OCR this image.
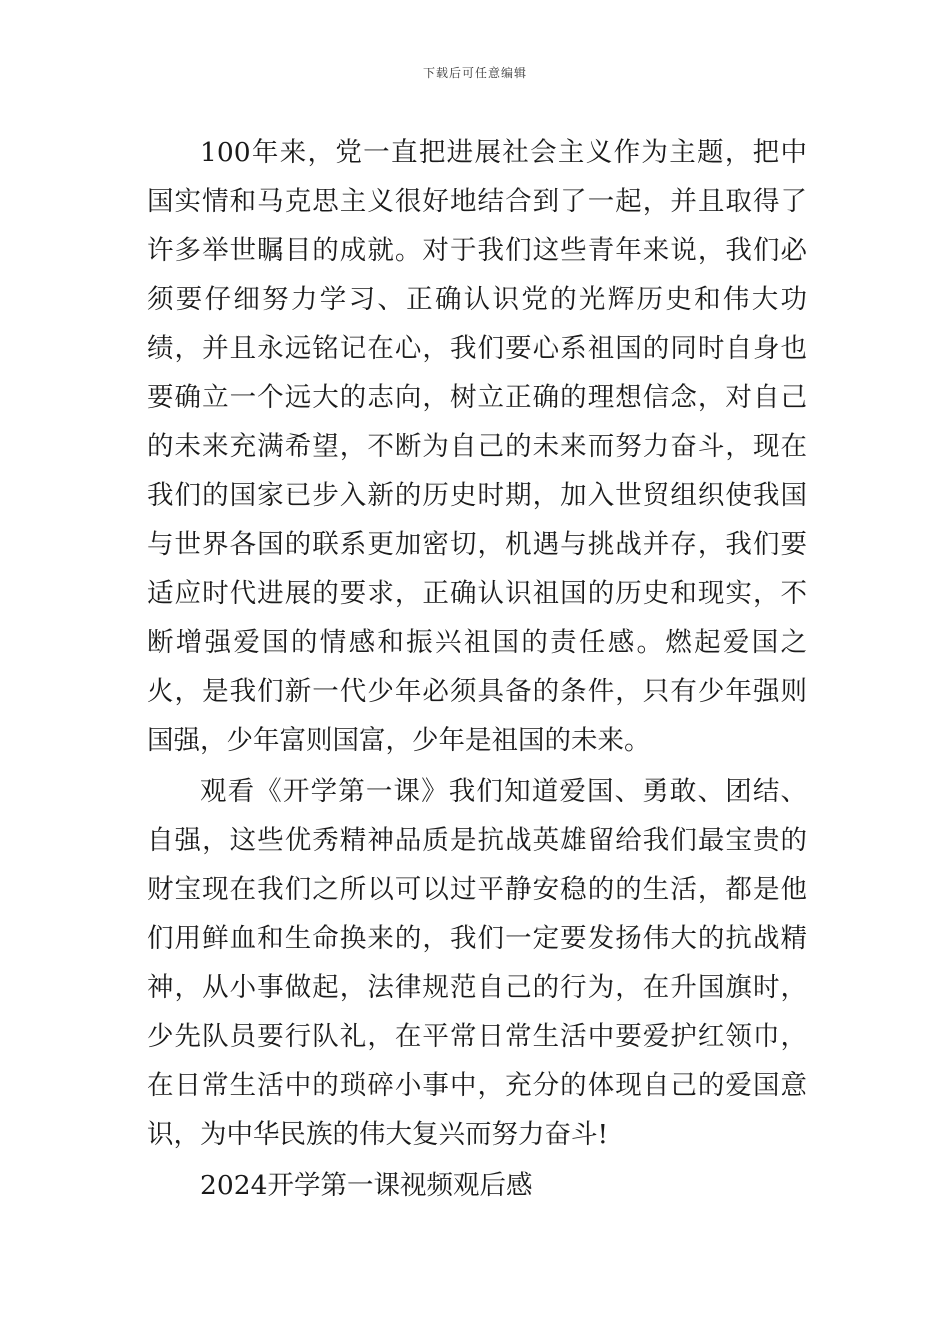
下载后可任意编辑

100年来，党一直把进展社会主义作为主题，把中国实情和马克思主义很好地结合到了一起，并且取得了许多举世瞩目的成就。对于我们这些青年来说，我们必须要仔细努力学习、正确认识党的光辉历史和伟大功绩，并且永远铭记在心，我们要心系祖国的同时自身也要确立一个远大的志向，树立正确的理想信念，对自己的未来充满希望，不断为自己的未来而努力奋斗，现在我们的国家已步入新的历史时期，加入世贸组织使我国与世界各国的联系更加密切，机遇与挑战并存，我们要适应时代进展的要求，正确认识祖国的历史和现实，不断增强爱国的情感和振兴祖国的责任感。燃起爱国之火，是我们新一代少年必须具备的条件，只有少年强则国强，少年富则国富，少年是祖国的未来。

观看《开学第一课》我们知道爱国、勇敢、团结、自强，这些优秀精神品质是抗战英雄留给我们最宝贵的财宝现在我们之所以可以过平静安稳的的生活，都是他们用鲜血和生命换来的，我们一定要发扬伟大的抗战精神，从小事做起，法律规范自己的行为，在升国旗时，少先队员要行队礼，在平常日常生活中要爱护红领巾，在日常生活中的琐碎小事中，充分的体现自己的爱国意识，为中华民族的伟大复兴而努力奋斗!

2024开学第一课视频观后感
